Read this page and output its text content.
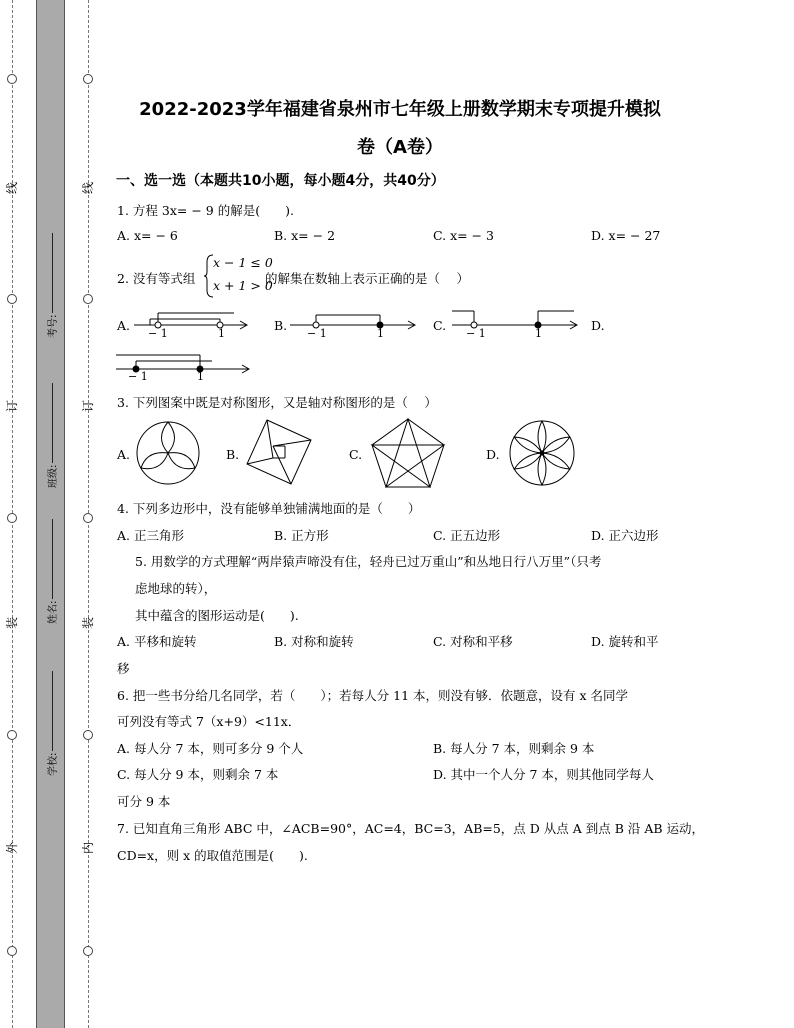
线
订
装
外
线
订
装
内
考号:
班级:
姓名:
学校:
2022-2023学年福建省泉州市七年级上册数学期末专项提升模拟
卷（A卷）
一、选一选（本题共10小题，每小题4分，共40分）
1. 方程 3x= − 9 的解是(　　).
A. x= − 6	B. x= − 2	C. x= − 3	D. x= − 27
2. 没有等式组
x − 1 ≤ 0
x + 1 > 0
的解集在数轴上表示正确的是（　 ）
A.
− 1	1
B.
− 1	1
C.
− 1	1
D.
− 1	1
3. 下列图案中既是对称图形，又是轴对称图形的是（　 ）
A.	B.	C.	D.
4. 下列多边形中，没有能够单独铺满地面的是（　　）
A. 正三角形	B. 正方形	C. 正五边形	D. 正六边形
5. 用数学的方式理解“两岸猿声啼没有住，轻舟已过万重山”和丛地日行八万里”（只考
虑地球的转），
其中蕴含的图形运动是(　　).
A. 平移和旋转	B. 对称和旋转	C. 对称和平移	D. 旋转和平
移
6. 把一些书分给几名同学，若（　　）；若每人分 11 本，则没有够．依题意，设有 x 名同学
可列没有等式 7（x+9）<11x．
A. 每人分 7 本，则可多分 9 个人	B. 每人分 7 本，则剩余 9 本
C. 每人分 9 本，则剩余 7 本	D. 其中一个人分 7 本，则其他同学每人
可分 9 本
7. 已知直角三角形 ABC 中，∠ACB=90°，AC=4，BC=3，AB=5，点 D 从点 A 到点 B 沿 AB 运动，
CD=x，则 x 的取值范围是(　　).
